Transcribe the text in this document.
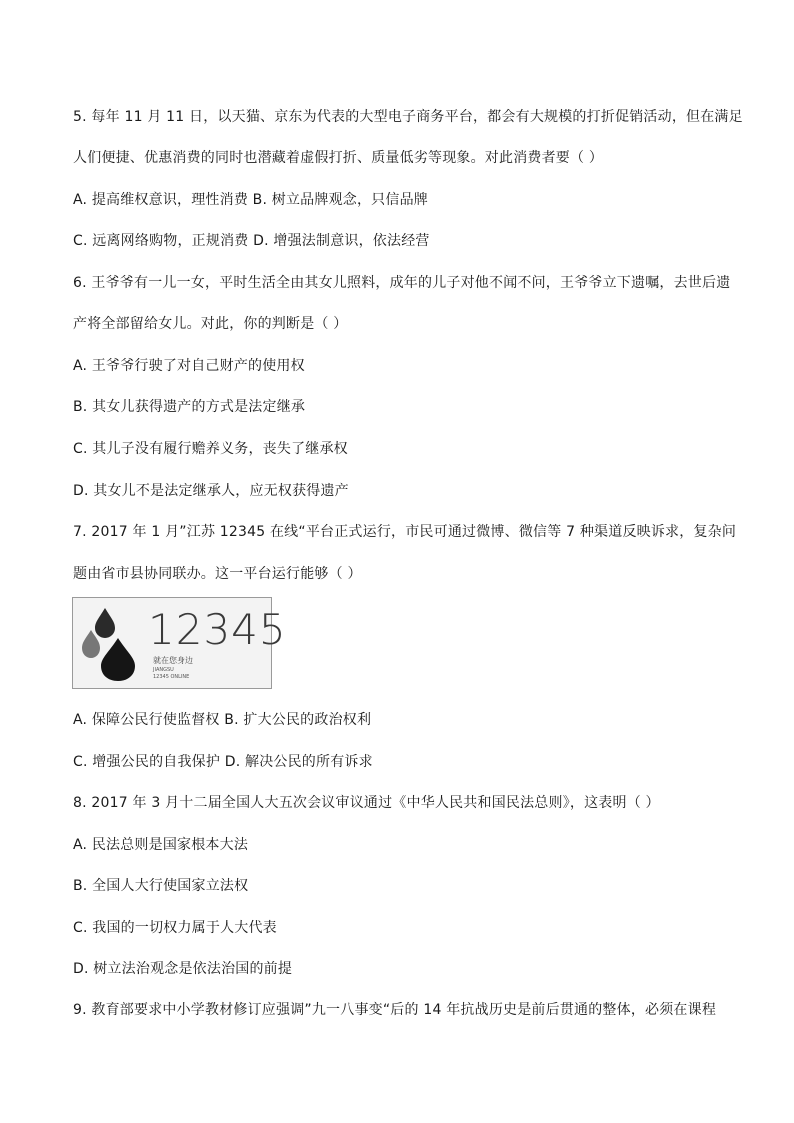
5. 每年 11 月 11 日，以天猫、京东为代表的大型电子商务平台，都会有大规模的打折促销活动，但在满足
人们便捷、优惠消费的同时也潜藏着虚假打折、质量低劣等现象。对此消费者要（ ）
A. 提高维权意识，理性消费 B. 树立品牌观念，只信品牌
C. 远离网络购物，正规消费 D. 增强法制意识，依法经营
6. 王爷爷有一儿一女，平时生活全由其女儿照料，成年的儿子对他不闻不问，王爷爷立下遗嘱，去世后遗
产将全部留给女儿。对此，你的判断是（ ）
A. 王爷爷行驶了对自己财产的使用权
B. 其女儿获得遗产的方式是法定继承
C. 其儿子没有履行赡养义务，丧失了继承权
D. 其女儿不是法定继承人，应无权获得遗产
7. 2017 年 1 月”江苏 12345 在线“平台正式运行，市民可通过微博、微信等 7 种渠道反映诉求，复杂问
题由省市县协同联办。这一平台运行能够（ ）
12345
就在您身边
JIANGSU
12345 ONLINE
A. 保障公民行使监督权 B. 扩大公民的政治权利
C. 增强公民的自我保护 D. 解决公民的所有诉求
8. 2017 年 3 月十二届全国人大五次会议审议通过《中华人民共和国民法总则》，这表明（ ）
A. 民法总则是国家根本大法
B. 全国人大行使国家立法权
C. 我国的一切权力属于人大代表
D. 树立法治观念是依法治国的前提
9. 教育部要求中小学教材修订应强调”九一八事变“后的 14 年抗战历史是前后贯通的整体，必须在课程
